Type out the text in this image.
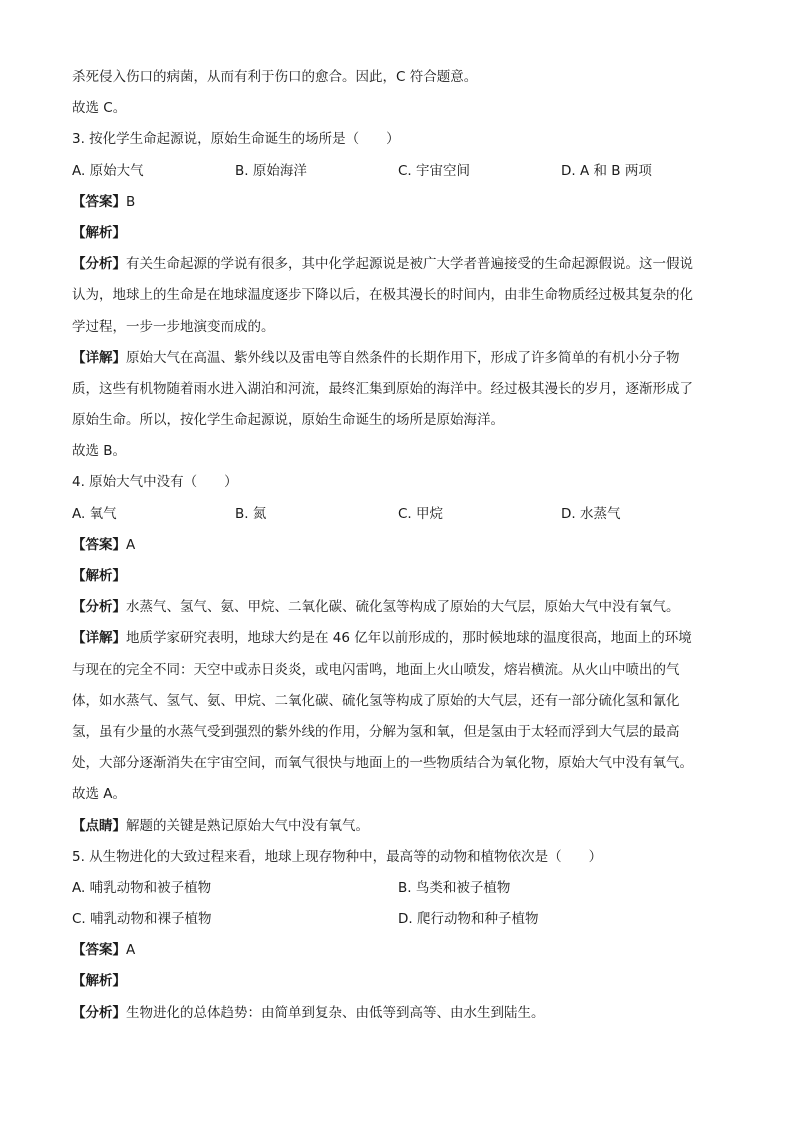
杀死侵入伤口的病菌，从而有利于伤口的愈合。因此，C 符合题意。
故选 C。
3. 按化学生命起源说，原始生命诞生的场所是（　　）
A. 原始大气	B. 原始海洋	C. 宇宙空间	D. A 和 B 两项
【答案】B
【解析】
【分析】有关生命起源的学说有很多，其中化学起源说是被广大学者普遍接受的生命起源假说。这一假说
认为，地球上的生命是在地球温度逐步下降以后，在极其漫长的时间内，由非生命物质经过极其复杂的化
学过程，一步一步地演变而成的。
【详解】原始大气在高温、紫外线以及雷电等自然条件的长期作用下，形成了许多简单的有机小分子物
质，这些有机物随着雨水进入湖泊和河流，最终汇集到原始的海洋中。经过极其漫长的岁月，逐渐形成了
原始生命。所以，按化学生命起源说，原始生命诞生的场所是原始海洋。
故选 B。
4. 原始大气中没有（　　）
A. 氧气	B. 氮	C. 甲烷	D. 水蒸气
【答案】A
【解析】
【分析】水蒸气、氢气、氨、甲烷、二氧化碳、硫化氢等构成了原始的大气层，原始大气中没有氧气。
【详解】地质学家研究表明，地球大约是在 46 亿年以前形成的，那时候地球的温度很高，地面上的环境
与现在的完全不同：天空中或赤日炎炎，或电闪雷鸣，地面上火山喷发，熔岩横流。从火山中喷出的气
体，如水蒸气、氢气、氨、甲烷、二氧化碳、硫化氢等构成了原始的大气层，还有一部分硫化氢和氰化
氢，虽有少量的水蒸气受到强烈的紫外线的作用，分解为氢和氧，但是氢由于太轻而浮到大气层的最高
处，大部分逐渐消失在宇宙空间，而氧气很快与地面上的一些物质结合为氧化物，原始大气中没有氧气。
故选 A。
【点睛】解题的关键是熟记原始大气中没有氧气。
5. 从生物进化的大致过程来看，地球上现存物种中，最高等的动物和植物依次是（　　）
A. 哺乳动物和被子植物	B. 鸟类和被子植物
C. 哺乳动物和裸子植物	D. 爬行动物和种子植物
【答案】A
【解析】
【分析】生物进化的总体趋势：由简单到复杂、由低等到高等、由水生到陆生。
